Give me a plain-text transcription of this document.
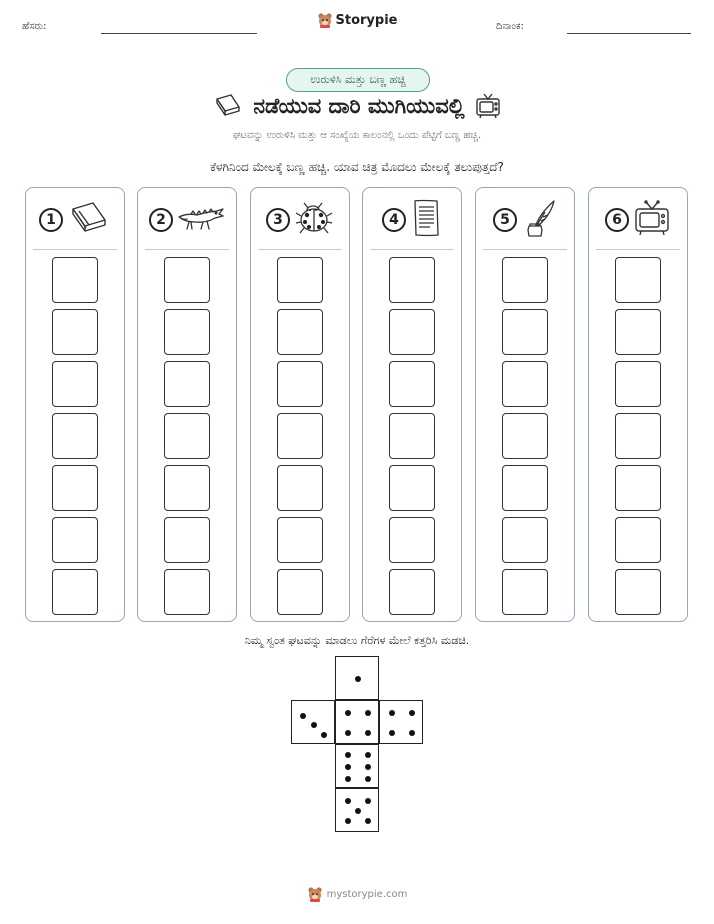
ಹೆಸರು:	Storypie	ದಿನಾಂಕ:
ಉರುಳಿಸಿ ಮತ್ತು ಬಣ್ಣ ಹಚ್ಚಿ
ನಡೆಯುವ ದಾರಿ ಮುಗಿಯುವಲ್ಲಿ
ಘಟವನ್ನು ಉರುಳಿಸಿ ಮತ್ತು ಆ ಸಂಖ್ಯೆಯ ಕಾಲಂನಲ್ಲಿ ಒಂದು ಪೆಟ್ಟಿಗೆ ಬಣ್ಣ ಹಚ್ಚಿ.
ಕೆಳಗಿನಿಂದ ಮೇಲಕ್ಕೆ ಬಣ್ಣ ಹಚ್ಚಿ. ಯಾವ ಚಿತ್ರ ಮೊದಲು ಮೇಲಕ್ಕೆ ತಲುಪುತ್ತದೆ?
1	2	3	4	5	6
ನಿಮ್ಮ ಸ್ವಂತ ಘಟವನ್ನು ಮಾಡಲು ಗೆರೆಗಳ ಮೇಲೆ ಕತ್ತರಿಸಿ ಮಡಚಿ.
mystorypie.com
